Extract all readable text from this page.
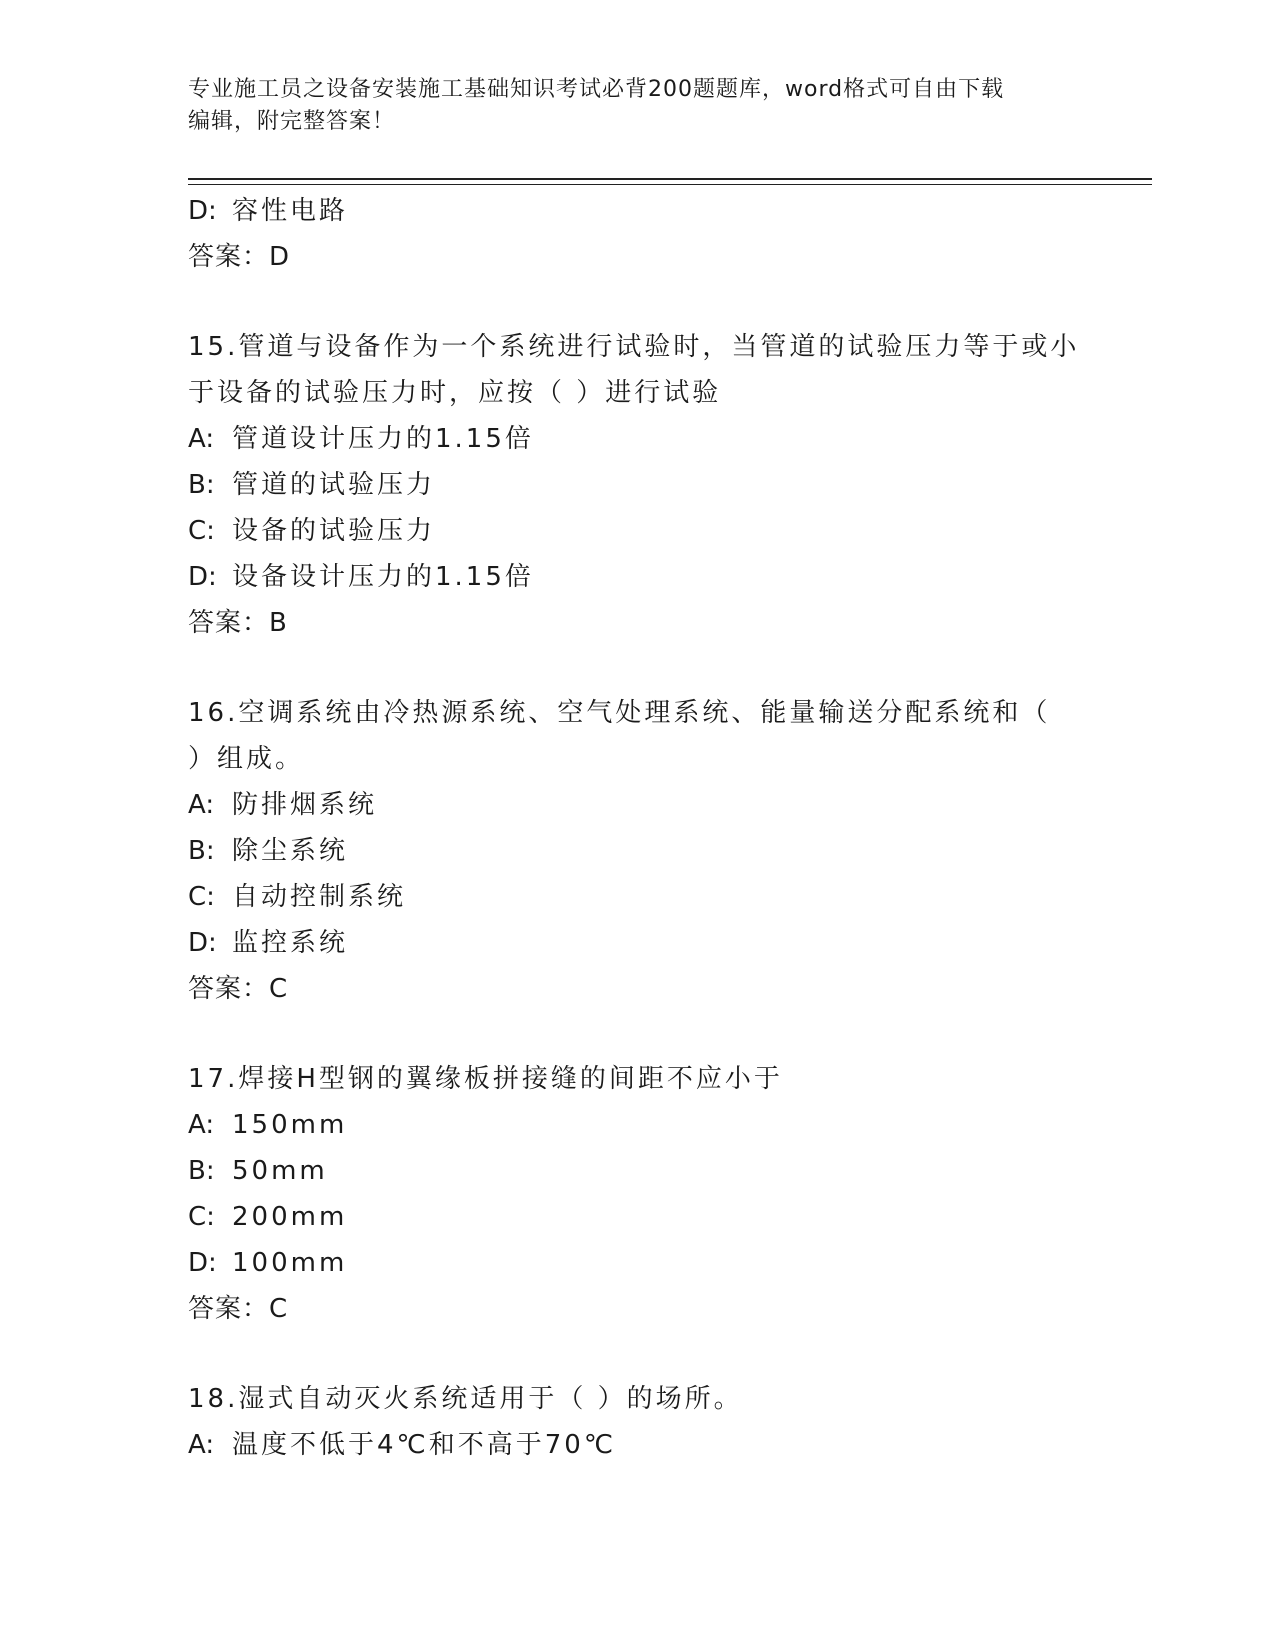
专业施工员之设备安装施工基础知识考试必背200题题库，word格式可自由下载
编辑，附完整答案！
D: 容性电路
答案：D
15.管道与设备作为一个系统进行试验时，当管道的试验压力等于或小
于设备的试验压力时，应按（ ）进行试验
A: 管道设计压力的1.15倍
B: 管道的试验压力
C: 设备的试验压力
D: 设备设计压力的1.15倍
答案：B
16.空调系统由冷热源系统、空气处理系统、能量输送分配系统和（
）组成。
A: 防排烟系统
B: 除尘系统
C: 自动控制系统
D: 监控系统
答案：C
17.焊接H型钢的翼缘板拼接缝的间距不应小于
A: 150mm
B: 50mm
C: 200mm
D: 100mm
答案：C
18.湿式自动灭火系统适用于（ ）的场所。
A: 温度不低于4℃和不高于70℃
